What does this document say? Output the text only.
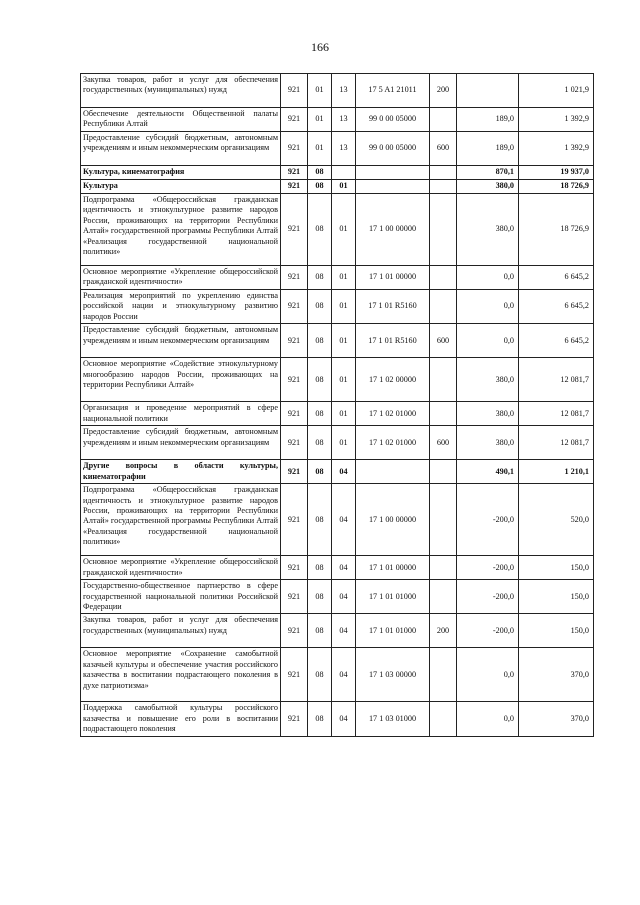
166
Закупка товаров, работ и услуг для обеспечения государственных (муниципальных) нужд	921	01	13	17 5 A1 21011	200		1 021,9
Обеспечение деятельности Общественной палаты Республики Алтай	921	01	13	99 0 00 05000		189,0	1 392,9
Предоставление субсидий бюджетным, автономным учреждениям и иным некоммерческим организациям	921	01	13	99 0 00 05000	600	189,0	1 392,9
Культура, кинематография	921	08				870,1	19 937,0
Культура	921	08	01			380,0	18 726,9
Подпрограмма «Общероссийская гражданская идентичность и этнокультурное развитие народов России, проживающих на территории Республики Алтай» государственной программы Республики Алтай «Реализация государственной национальной политики»	921	08	01	17 1 00 00000		380,0	18 726,9
Основное мероприятие «Укрепление общероссийской гражданской идентичности»	921	08	01	17 1 01 00000		0,0	6 645,2
Реализация мероприятий по укреплению единства российской нации и этнокультурному развитию народов России	921	08	01	17 1 01 R5160		0,0	6 645,2
Предоставление субсидий бюджетным, автономным учреждениям и иным некоммерческим организациям	921	08	01	17 1 01 R5160	600	0,0	6 645,2
Основное мероприятие «Содействие этнокультурному многообразию народов России, проживающих на территории Республики Алтай»	921	08	01	17 1 02 00000		380,0	12 081,7
Организация и проведение мероприятий в сфере национальной политики	921	08	01	17 1 02 01000		380,0	12 081,7
Предоставление субсидий бюджетным, автономным учреждениям и иным некоммерческим организациям	921	08	01	17 1 02 01000	600	380,0	12 081,7
Другие вопросы в области культуры, кинематографии	921	08	04			490,1	1 210,1
Подпрограмма «Общероссийская гражданская идентичность и этнокультурное развитие народов России, проживающих на территории Республики Алтай» государственной программы Республики Алтай «Реализация государственной национальной политики»	921	08	04	17 1 00 00000		-200,0	520,0
Основное мероприятие «Укрепление общероссийской гражданской идентичности»	921	08	04	17 1 01 00000		-200,0	150,0
Государственно-общественное партнерство в сфере государственной национальной политики Российской Федерации	921	08	04	17 1 01 01000		-200,0	150,0
Закупка товаров, работ и услуг для обеспечения государственных (муниципальных) нужд	921	08	04	17 1 01 01000	200	-200,0	150,0
Основное мероприятие «Сохранение самобытной казачьей культуры и обеспечение участия российского казачества в воспитании подрастающего поколения в духе патриотизма»	921	08	04	17 1 03 00000		0,0	370,0
Поддержка самобытной культуры российского казачества и повышение его роли в воспитании подрастающего поколения	921	08	04	17 1 03 01000		0,0	370,0
